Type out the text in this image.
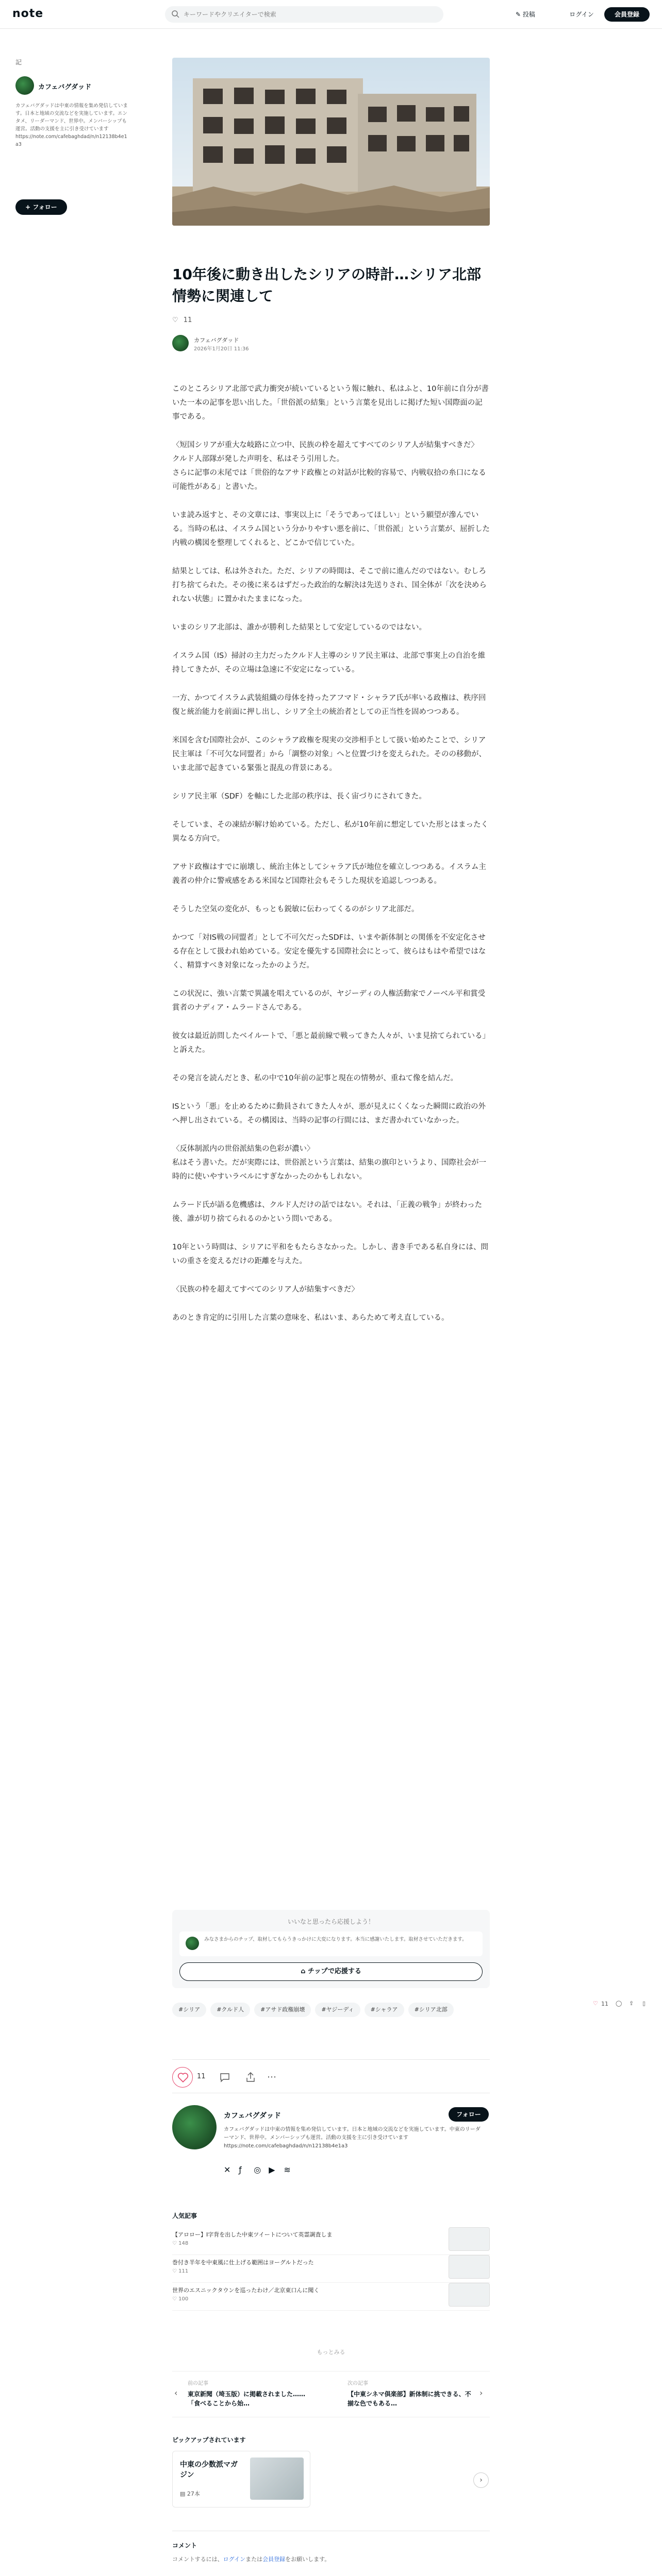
note
キーワードやクリエイターで検索	✎ 投稿	ログイン	会員登録
記
カフェバグダッド
カフェバグダッドは中東の情報を集め発信しています。日本と地域の交流などを実施しています。エンタメ、リーダーマンド、世界中。メンバーシップも運営。活動の支援を主に引き受けています
https://note.com/cafebaghdad/n/n12138b4e1a3
+ フォロー
♡ 11 ◯ ⇪ ▯
10年後に動き出したシリアの時計…シリア北部情勢に関連して
♡ 11
カフェバグダッド
2026年1月20日 11:36

このところシリア北部で武力衝突が続いているという報に触れ、私はふと、10年前に自分が書いた一本の記事を思い出した。「世俗派の結集」という言葉を見出しに掲げた短い国際面の記事である。

〈短国シリアが重大な岐路に立つ中、民族の枠を超えてすべてのシリア人が結集すべきだ〉
クルド人部隊が発した声明を、私はそう引用した。
さらに記事の末尾では「世俗的なアサド政権との対話が比較的容易で、内戦収拾の糸口になる可能性がある」と書いた。

いま読み返すと、その文章には、事実以上に「そうであってほしい」という願望が滲んでいる。当時の私は、イスラム国という分かりやすい悪を前に、「世俗派」という言葉が、屈折した内戦の構図を整理してくれると、どこかで信じていた。

結果としては、私は外された。ただ、シリアの時間は、そこで前に進んだのではない。むしろ打ち捨てられた。その後に来るはずだった政治的な解決は先送りされ、国全体が「次を決められない状態」に置かれたままになった。

いまのシリア北部は、誰かが勝利した結果として安定しているのではない。

イスラム国（IS）掃討の主力だったクルド人主導のシリア民主軍は、北部で事実上の自治を維持してきたが、その立場は急速に不安定になっている。

一方、かつてイスラム武装組織の母体を持ったアフマド・シャラア氏が率いる政権は、秩序回復と統治能力を前面に押し出し、シリア全土の統治者としての正当性を固めつつある。

米国を含む国際社会が、このシャラア政権を現実の交渉相手として扱い始めたことで、シリア民主軍は「不可欠な同盟者」から「調整の対象」へと位置づけを変えられた。そのの移動が、いま北部で起きている緊張と混乱の背景にある。

シリア民主軍（SDF）を軸にした北部の秩序は、長く宙づりにされてきた。

そしていま、その凍結が解け始めている。ただし、私が10年前に想定していた形とはまったく異なる方向で。

アサド政権はすでに崩壊し、統治主体としてシャラア氏が地位を確立しつつある。イスラム主義者の仲介に警戒感をある米国など国際社会もそうした現状を追認しつつある。

そうした空気の変化が、もっとも鋭敏に伝わってくるのがシリア北部だ。

かつて「対IS戦の同盟者」として不可欠だったSDFは、いまや新体制との関係を不安定化させる存在として扱われ始めている。安定を優先する国際社会にとって、彼らはもはや希望ではなく、精算すべき対象になったかのようだ。

この状況に、強い言葉で異議を唱えているのが、ヤジーディの人権活動家でノーベル平和賞受賞者のナディア・ムラードさんである。

彼女は最近訪問したベイルートで、「悪と最前線で戦ってきた人々が、いま見捨てられている」と訴えた。

その発言を読んだとき、私の中で10年前の記事と現在の情勢が、重ねて像を結んだ。

ISという「悪」を止めるために動員されてきた人々が、悪が見えにくくなった瞬間に政治の外へ押し出されている。その構図は、当時の記事の行間には、まだ書かれていなかった。

〈反体制派内の世俗派結集の色彩が濃い〉
私はそう書いた。だが実際には、世俗派という言葉は、結集の旗印というより、国際社会が一時的に使いやすいラベルにすぎなかったのかもしれない。

ムラード氏が語る危機感は、クルド人だけの話ではない。それは、「正義の戦争」が終わった後、誰が切り捨てられるのかという問いである。

10年という時間は、シリアに平和をもたらさなかった。しかし、書き手である私自身には、問いの重さを変えるだけの距離を与えた。

〈民族の枠を超えてすべてのシリア人が結集すべきだ〉

あのとき肯定的に引用した言葉の意味を、私はいま、あらためて考え直している。

いいなと思ったら応援しよう！
みなさまからのチップ、取材してもらうきっかけに大変になります。本当に感謝いたします。取材させていただきます。
⌂ チップで応援する
#シリア	#クルド人	#アサド政権崩壊	#ヤジーディ	#シャラア	#シリア北部
11	⋯
カフェバグダッド	フォロー
カフェバグダッドは中東の情報を集め発信しています。日本と地域の交流などを実施しています。中東のリーダーマンド、世界中。メンバーシップも運営。活動の支援を主に引き受けています
https://note.com/cafebaghdad/n/n12138b4e1a3
✕ ƒ ◎ ▶ ≋
人気記事
【アロロー】I字背を出した中東ツイートについて英霊調査しま
♡ 148
巻付き半年を中東風に仕上げる範囲はヨーグルトだった
♡ 111
世界のエスニックタウンを巡ったわけ／北京東口んに聞く
♡ 100
もっとみる
‹
前の記事
東京新聞（埼玉版）に掲載されました……「食べることから始…
次の記事
【中東シネマ倶楽部】新体制に挑できる、不揃な色でもある…
›
ピックアップされています
中東の少数派マガジン
▤ 27本
›
コメント

コメントするには、ログインまたは会員登録をお願いします。
